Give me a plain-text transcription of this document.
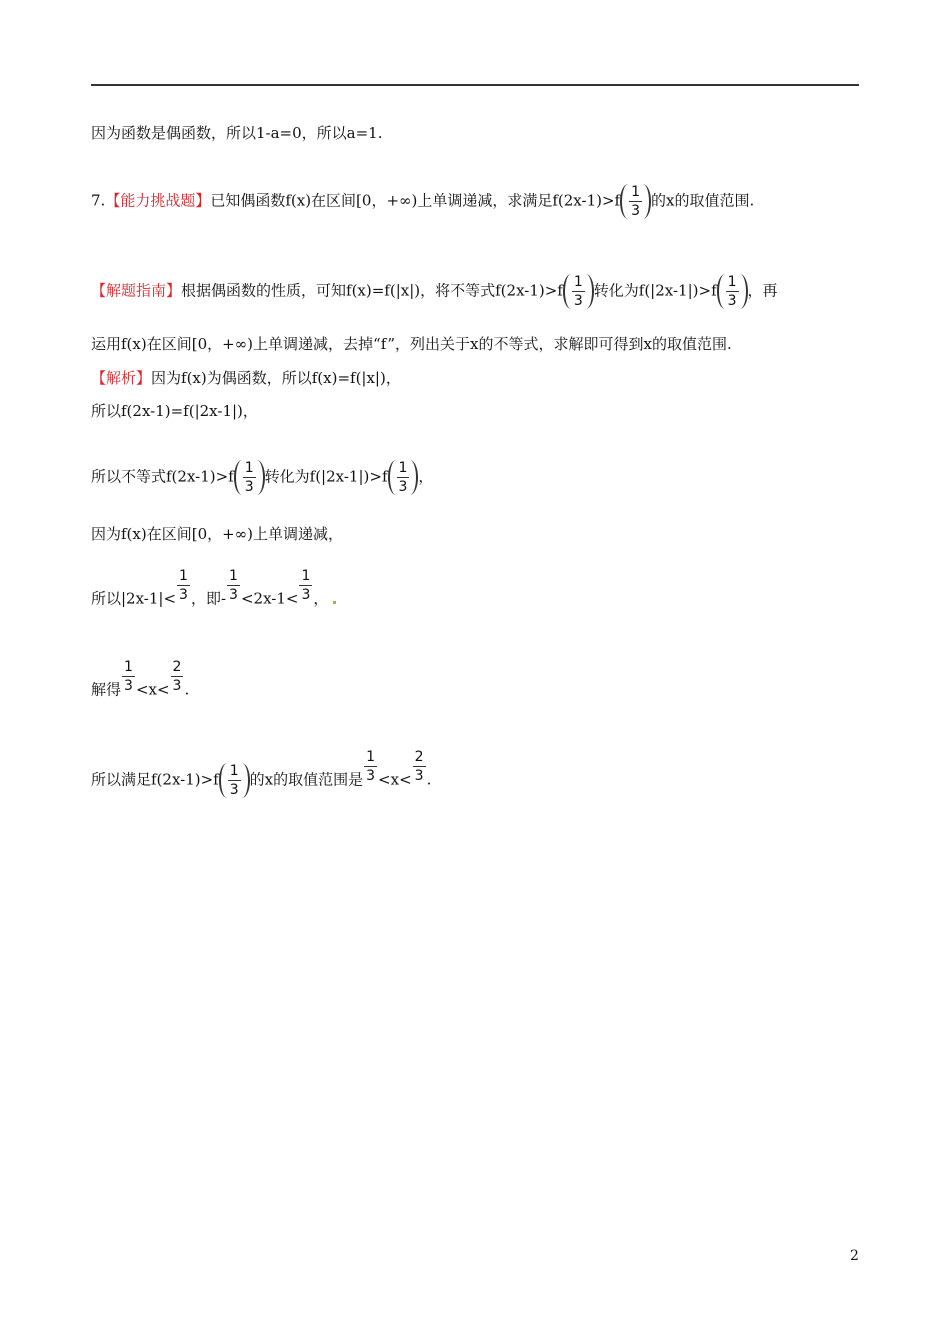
因为函数是偶函数，所以1-a=0，所以a=1.
7.【能力挑战题】已知偶函数f(x)在区间[0，+∞)上单调递减，求满足$f(2x-1)>f \frac{1}{3}$ 的x的取值范围.
【解题指南】根据偶函数的性质，可知f(x)=f(|x|)，将不等式$f(2x-1)>f \frac{1}{3}$ 转化为$f(|2x-1|)>f \frac{1}{3}$ ，再
运用f(x)在区间[0，+∞)上单调递减，去掉“f”，列出关于x的不等式，求解即可得到x的取值范围.
【解析】因为f(x)为偶函数，所以f(x)=f(|x|)，
所以f(2x-1)=f(|2x-1|)，
所以不等式$f(2x-1)>f \frac{1}{3}$ 转化为$f(|2x-1|)>f \frac{1}{3}$ ，
因为f(x)在区间[0，+∞)上单调递减，
所以$|2x-1|< \frac{1}{3}$ ，即- $\frac{1}{3} <2x-1< \frac{1}{3}$ ，
解得 $\frac{1}{3} <x< \frac{2}{3}$ .
所以满足$f(2x-1)>f \frac{1}{3}$ 的x的取值范围是 $\frac{1}{3} <x< \frac{2}{3}$ .
2
